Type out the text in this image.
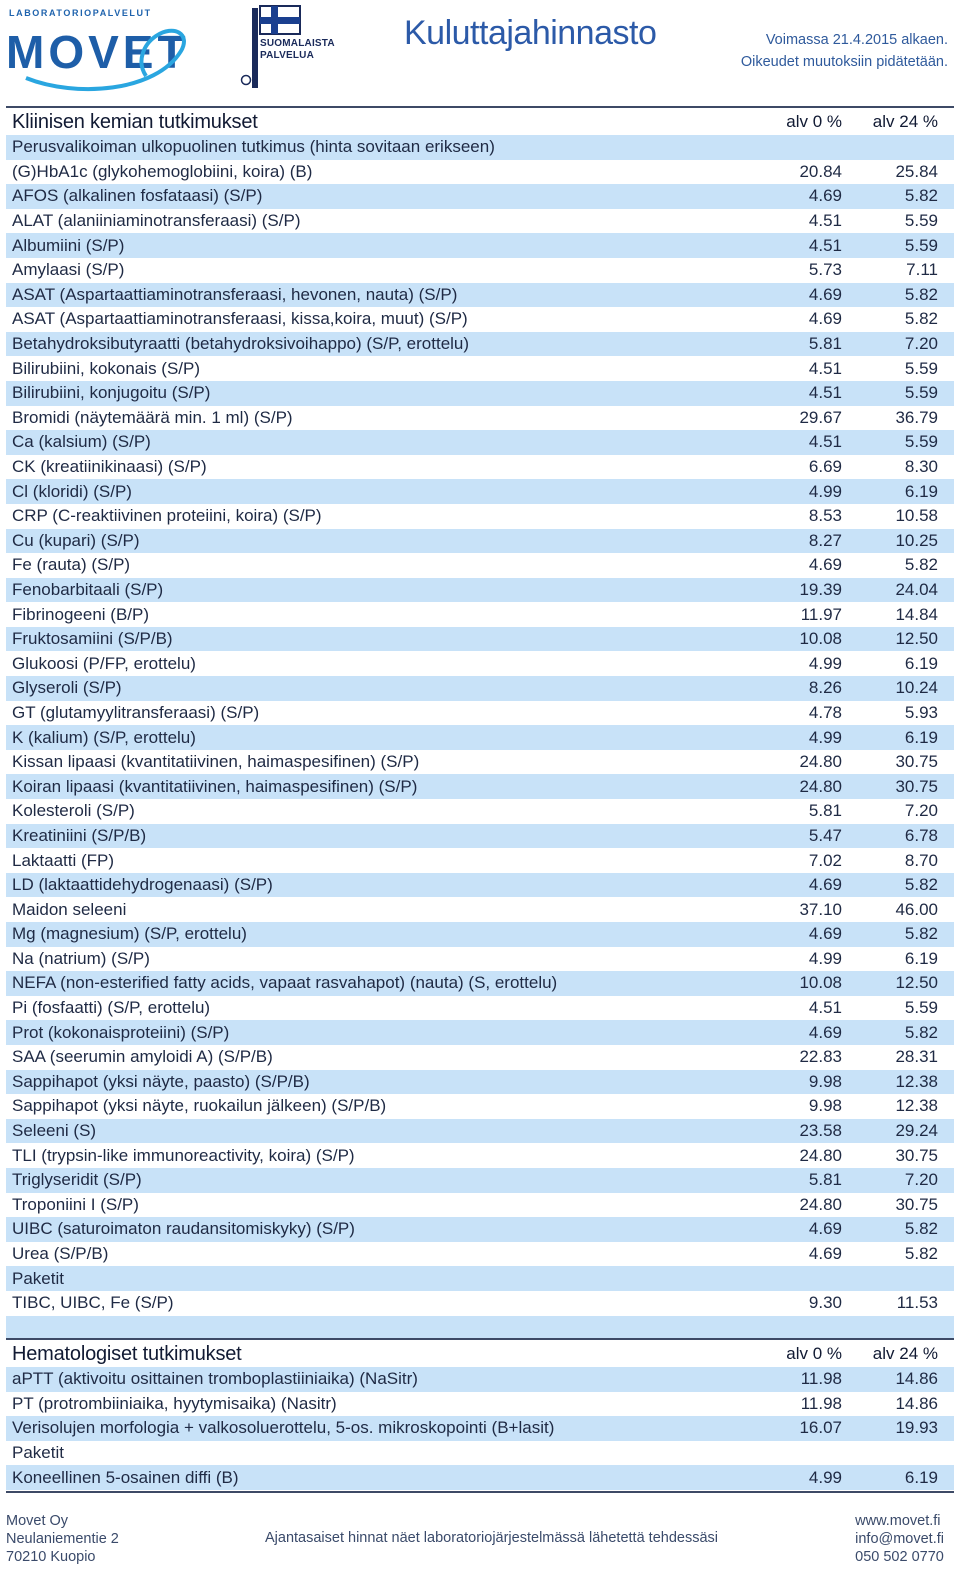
LABORATORIOPALVELUT
MOVET	SUOMALAISTA
PALVELUA
Kuluttajahinnasto	Voimassa 21.4.2015 alkaen.
Oikeudet muutoksiin pidätetään.
Kliinisen kemian tutkimukset	alv 0 %	alv 24 %
Perusvalikoiman ulkopuolinen tutkimus (hinta sovitaan erikseen)		
(G)HbA1c (glykohemoglobiini, koira) (B)	20.84	25.84
AFOS (alkalinen fosfataasi) (S/P)	4.69	5.82
ALAT (alaniiniaminotransferaasi) (S/P)	4.51	5.59
Albumiini (S/P)	4.51	5.59
Amylaasi (S/P)	5.73	7.11
ASAT (Aspartaattiaminotransferaasi, hevonen, nauta) (S/P)	4.69	5.82
ASAT (Aspartaattiaminotransferaasi, kissa,koira, muut) (S/P)	4.69	5.82
Betahydroksibutyraatti (betahydroksivoihappo) (S/P, erottelu)	5.81	7.20
Bilirubiini, kokonais (S/P)	4.51	5.59
Bilirubiini, konjugoitu (S/P)	4.51	5.59
Bromidi (näytemäärä min. 1 ml) (S/P)	29.67	36.79
Ca (kalsium) (S/P)	4.51	5.59
CK (kreatiinikinaasi) (S/P)	6.69	8.30
Cl (kloridi) (S/P)	4.99	6.19
CRP (C-reaktiivinen proteiini, koira) (S/P)	8.53	10.58
Cu (kupari) (S/P)	8.27	10.25
Fe (rauta) (S/P)	4.69	5.82
Fenobarbitaali (S/P)	19.39	24.04
Fibrinogeeni (B/P)	11.97	14.84
Fruktosamiini (S/P/B)	10.08	12.50
Glukoosi (P/FP, erottelu)	4.99	6.19
Glyseroli (S/P)	8.26	10.24
GT (glutamyylitransferaasi) (S/P)	4.78	5.93
K (kalium) (S/P, erottelu)	4.99	6.19
Kissan lipaasi (kvantitatiivinen, haimaspesifinen) (S/P)	24.80	30.75
Koiran lipaasi (kvantitatiivinen, haimaspesifinen) (S/P)	24.80	30.75
Kolesteroli (S/P)	5.81	7.20
Kreatiniini (S/P/B)	5.47	6.78
Laktaatti (FP)	7.02	8.70
LD (laktaattidehydrogenaasi) (S/P)	4.69	5.82
Maidon seleeni	37.10	46.00
Mg (magnesium) (S/P, erottelu)	4.69	5.82
Na (natrium) (S/P)	4.99	6.19
NEFA (non-esterified fatty acids, vapaat rasvahapot) (nauta) (S, erottelu)	10.08	12.50
Pi (fosfaatti) (S/P, erottelu)	4.51	5.59
Prot (kokonaisproteiini) (S/P)	4.69	5.82
SAA (seerumin amyloidi A) (S/P/B)	22.83	28.31
Sappihapot (yksi näyte, paasto) (S/P/B)	9.98	12.38
Sappihapot (yksi näyte, ruokailun jälkeen) (S/P/B)	9.98	12.38
Seleeni (S)	23.58	29.24
TLI (trypsin-like immunoreactivity, koira) (S/P)	24.80	30.75
Triglyseridit (S/P)	5.81	7.20
Troponiini I (S/P)	24.80	30.75
UIBC (saturoimaton raudansitomiskyky) (S/P)	4.69	5.82
Urea (S/P/B)	4.69	5.82
Paketit		
TIBC, UIBC, Fe (S/P)	9.30	11.53
Hematologiset tutkimukset	alv 0 %	alv 24 %
aPTT (aktivoitu osittainen tromboplastiiniaika) (NaSitr)	11.98	14.86
PT (protrombiiniaika, hyytymisaika) (Nasitr)	11.98	14.86
Verisolujen morfologia + valkosoluerottelu, 5-os. mikroskopointi (B+lasit)	16.07	19.93
Paketit		
Koneellinen 5-osainen diffi (B)	4.99	6.19
Movet Oy
Neulaniementie 2
70210 Kuopio
Ajantasaiset hinnat näet laboratoriojärjestelmässä lähetettä tehdessäsi
www.movet.fi
info@movet.fi
050 502 0770
